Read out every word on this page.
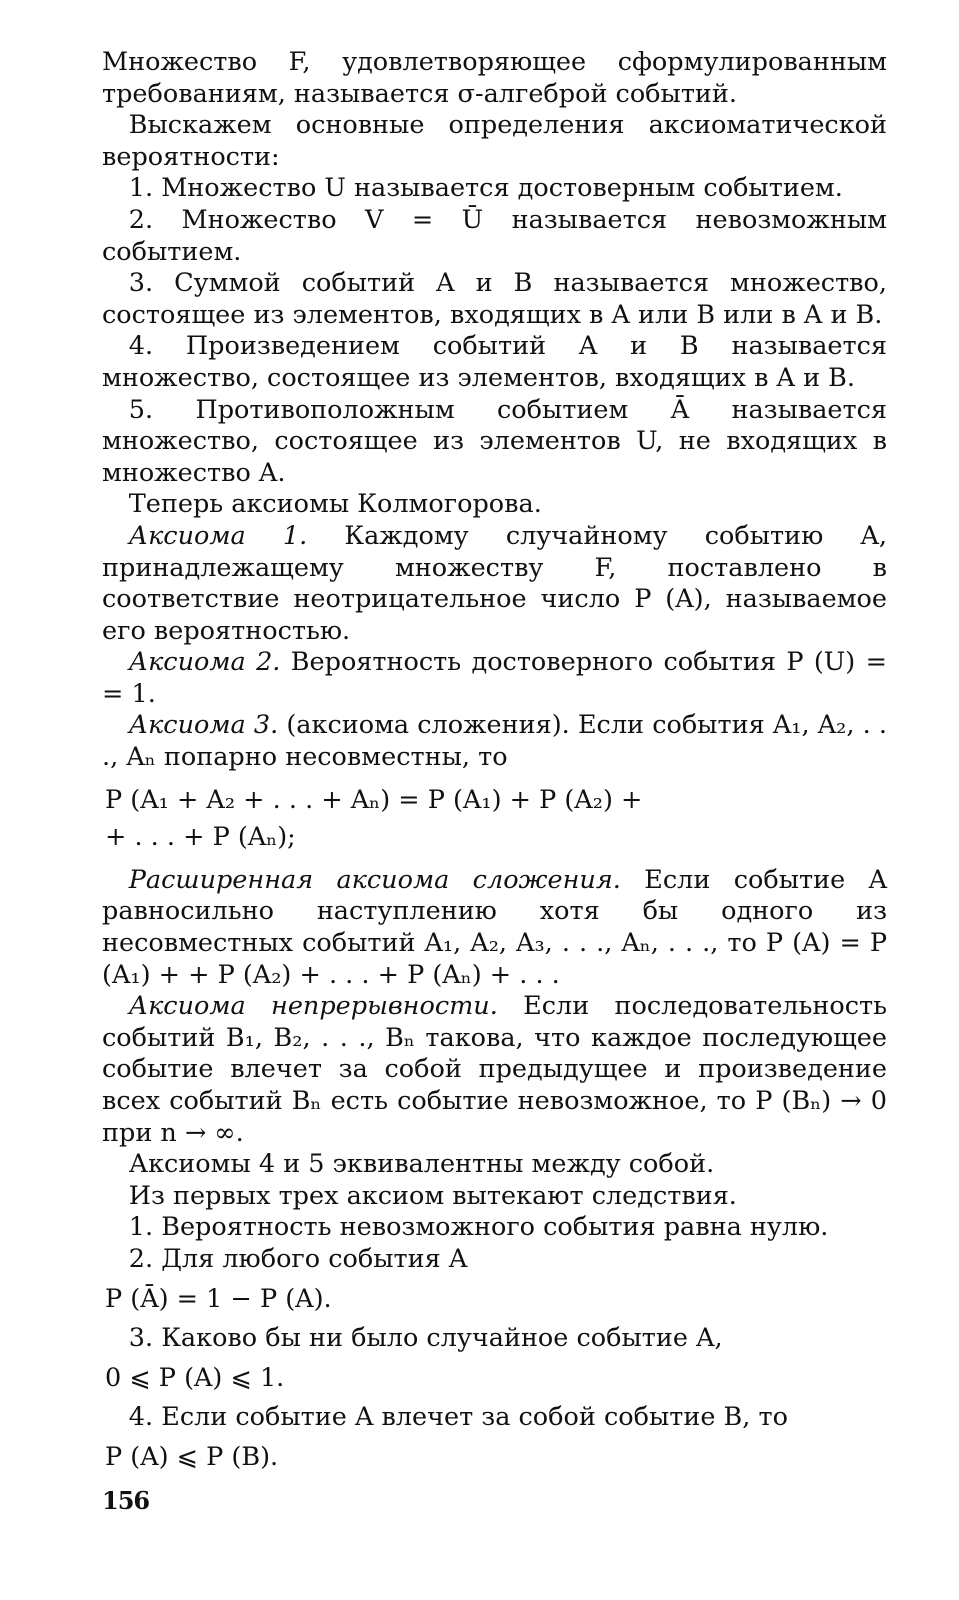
Множество F, удовлетворяющее сформулированным требованиям, называется σ-алгеброй событий.

Выскажем основные определения аксиоматической вероятности:

1. Множество U называется достоверным событием.

2. Множество V = Ū называется невозможным событием.

3. Суммой событий A и B называется множество, состоящее из элементов, входящих в A или B или в A и B.

4. Произведением событий A и B называется множество, состоящее из элементов, входящих в A и B.

5. Противоположным событием Ā называется множество, состоящее из элементов U, не входящих в множество A.

Теперь аксиомы Колмогорова.

Аксиома 1. Каждому случайному событию A, принадлежащему множеству F, поставлено в соответствие неотрицательное число P (A), называемое его вероятностью.

Аксиома 2. Вероятность достоверного события P (U) = = 1.

Аксиома 3. (аксиома сложения). Если события A₁, A₂, . . ., Aₙ попарно несовместны, то

P (A₁ + A₂ + . . . + Aₙ) = P (A₁) + P (A₂) +
+ . . . + P (Aₙ);

Расширенная аксиома сложения. Если событие A равносильно наступлению хотя бы одного из несовместных событий A₁, A₂, A₃, . . ., Aₙ, . . ., то P (A) = P (A₁) + + P (A₂) + . . . + P (Aₙ) + . . .

Аксиома непрерывности. Если последовательность событий B₁, B₂, . . ., Bₙ такова, что каждое последующее событие влечет за собой предыдущее и произведение всех событий Bₙ есть событие невозможное, то P (Bₙ) → 0 при n → ∞.

Аксиомы 4 и 5 эквивалентны между собой.

Из первых трех аксиом вытекают следствия.

1. Вероятность невозможного события равна нулю.

2. Для любого события A

P (Ā) = 1 − P (A).

3. Каково бы ни было случайное событие A,

0 ⩽ P (A) ⩽ 1.

4. Если событие A влечет за собой событие B, то

P (A) ⩽ P (B).
156
